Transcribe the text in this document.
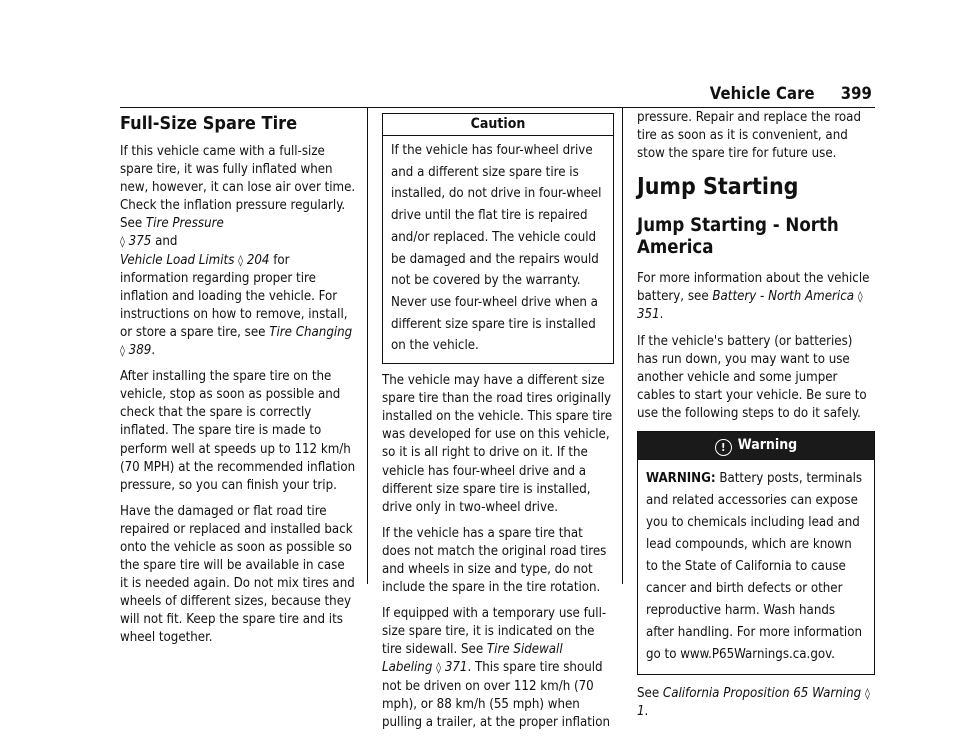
Vehicle Care 399
Full-Size Spare Tire

If this vehicle came with a full-size spare tire, it was fully inflated when new, however, it can lose air over time. Check the inflation pressure regularly. See Tire Pressure
◊ 375 and
Vehicle Load Limits ◊ 204 for information regarding proper tire inflation and loading the vehicle. For instructions on how to remove, install, or store a spare tire, see Tire Changing ◊ 389.

After installing the spare tire on the vehicle, stop as soon as possible and check that the spare is correctly inflated. The spare tire is made to perform well at speeds up to 112 km/h (70 MPH) at the recommended inflation pressure, so you can finish your trip.

Have the damaged or flat road tire repaired or replaced and installed back onto the vehicle as soon as possible so the spare tire will be available in case it is needed again. Do not mix tires and wheels of different sizes, because they will not fit. Keep the spare tire and its wheel together.

Caution
If the vehicle has four-wheel drive and a different size spare tire is installed, do not drive in four-wheel drive until the flat tire is repaired and/or replaced. The vehicle could be damaged and the repairs would not be covered by the warranty. Never use four-wheel drive when a different size spare tire is installed on the vehicle.

The vehicle may have a different size spare tire than the road tires originally installed on the vehicle. This spare tire was developed for use on this vehicle, so it is all right to drive on it. If the vehicle has four-wheel drive and a different size spare tire is installed, drive only in two-wheel drive.

If the vehicle has a spare tire that does not match the original road tires and wheels in size and type, do not include the spare in the tire rotation.

If equipped with a temporary use full-size spare tire, it is indicated on the tire sidewall. See Tire Sidewall Labeling ◊ 371. This spare tire should not be driven on over 112 km/h (70 mph), or 88 km/h (55 mph) when pulling a trailer, at the proper inflation

pressure. Repair and replace the road tire as soon as it is convenient, and stow the spare tire for future use.

Jump Starting
Jump Starting - North America

For more information about the vehicle battery, see Battery - North America ◊ 351.

If the vehicle's battery (or batteries) has run down, you may want to use another vehicle and some jumper cables to start your vehicle. Be sure to use the following steps to do it safely.

! Warning
WARNING: Battery posts, terminals and related accessories can expose you to chemicals including lead and lead compounds, which are known to the State of California to cause cancer and birth defects or other reproductive harm. Wash hands after handling. For more information go to www.P65Warnings.ca.gov.

See California Proposition 65 Warning ◊ 1.
